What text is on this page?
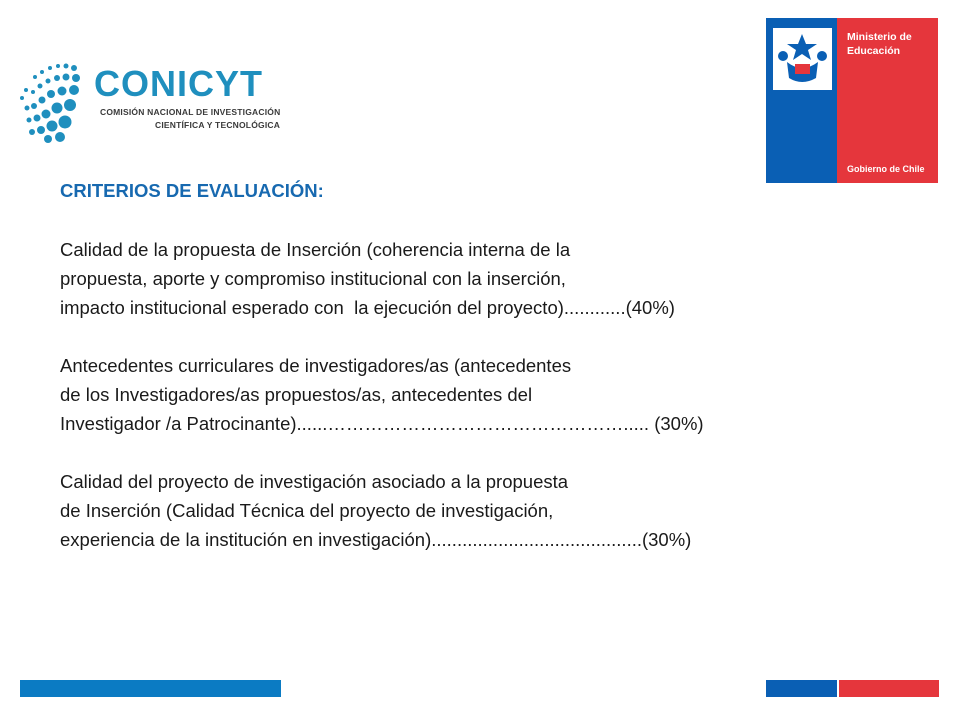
CONICYT
COMISIÓN NACIONAL DE INVESTIGACIÓN
CIENTÍFICA Y TECNOLÓGICA
Ministerio de
Educación
Gobierno de Chile
CRITERIOS DE EVALUACIÓN:

Calidad de la propuesta de Inserción (coherencia interna de la
propuesta, aporte y compromiso institucional con la inserción,
impacto institucional esperado con  la ejecución del proyecto)............(40%)

Antecedentes curriculares de investigadores/as (antecedentes
de los Investigadores/as propuestos/as, antecedentes del
Investigador /a Patrocinante)......…………………………………………..... (30%)

Calidad del proyecto de investigación asociado a la propuesta
de Inserción (Calidad Técnica del proyecto de investigación,
experiencia de la institución en investigación).........................................(30%)
